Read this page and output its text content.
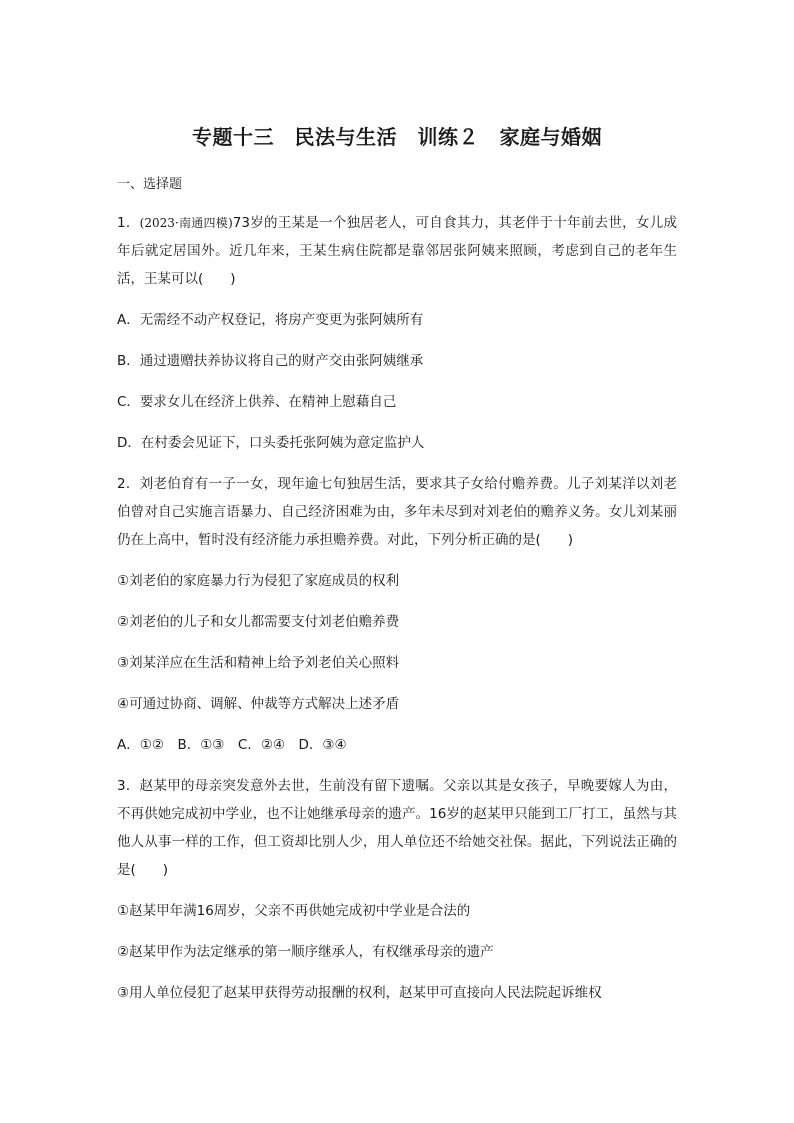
专题十三　民法与生活　训练２　家庭与婚姻
一、选择题

1．(2023·南通四模)73岁的王某是一个独居老人，可自食其力，其老伴于十年前去世，女儿成年后就定居国外。近几年来，王某生病住院都是靠邻居张阿姨来照顾，考虑到自己的老年生活，王某可以(　　)

A．无需经不动产权登记，将房产变更为张阿姨所有
B．通过遗赠扶养协议将自己的财产交由张阿姨继承
C．要求女儿在经济上供养、在精神上慰藉自己
D．在村委会见证下，口头委托张阿姨为意定监护人

2．刘老伯育有一子一女，现年逾七旬独居生活，要求其子女给付赡养费。儿子刘某洋以刘老伯曾对自己实施言语暴力、自己经济困难为由，多年未尽到对刘老伯的赡养义务。女儿刘某丽仍在上高中，暂时没有经济能力承担赡养费。对此，下列分析正确的是(　　)

①刘老伯的家庭暴力行为侵犯了家庭成员的权利
②刘老伯的儿子和女儿都需要支付刘老伯赡养费
③刘某洋应在生活和精神上给予刘老伯关心照料
④可通过协商、调解、仲裁等方式解决上述矛盾
A．①②　B．①③　C．②④　D．③④

3．赵某甲的母亲突发意外去世，生前没有留下遗嘱。父亲以其是女孩子，早晚要嫁人为由，不再供她完成初中学业，也不让她继承母亲的遗产。16岁的赵某甲只能到工厂打工，虽然与其他人从事一样的工作，但工资却比别人少，用人单位还不给她交社保。据此，下列说法正确的是(　　)

①赵某甲年满16周岁，父亲不再供她完成初中学业是合法的
②赵某甲作为法定继承的第一顺序继承人，有权继承母亲的遗产
③用人单位侵犯了赵某甲获得劳动报酬的权利，赵某甲可直接向人民法院起诉维权
